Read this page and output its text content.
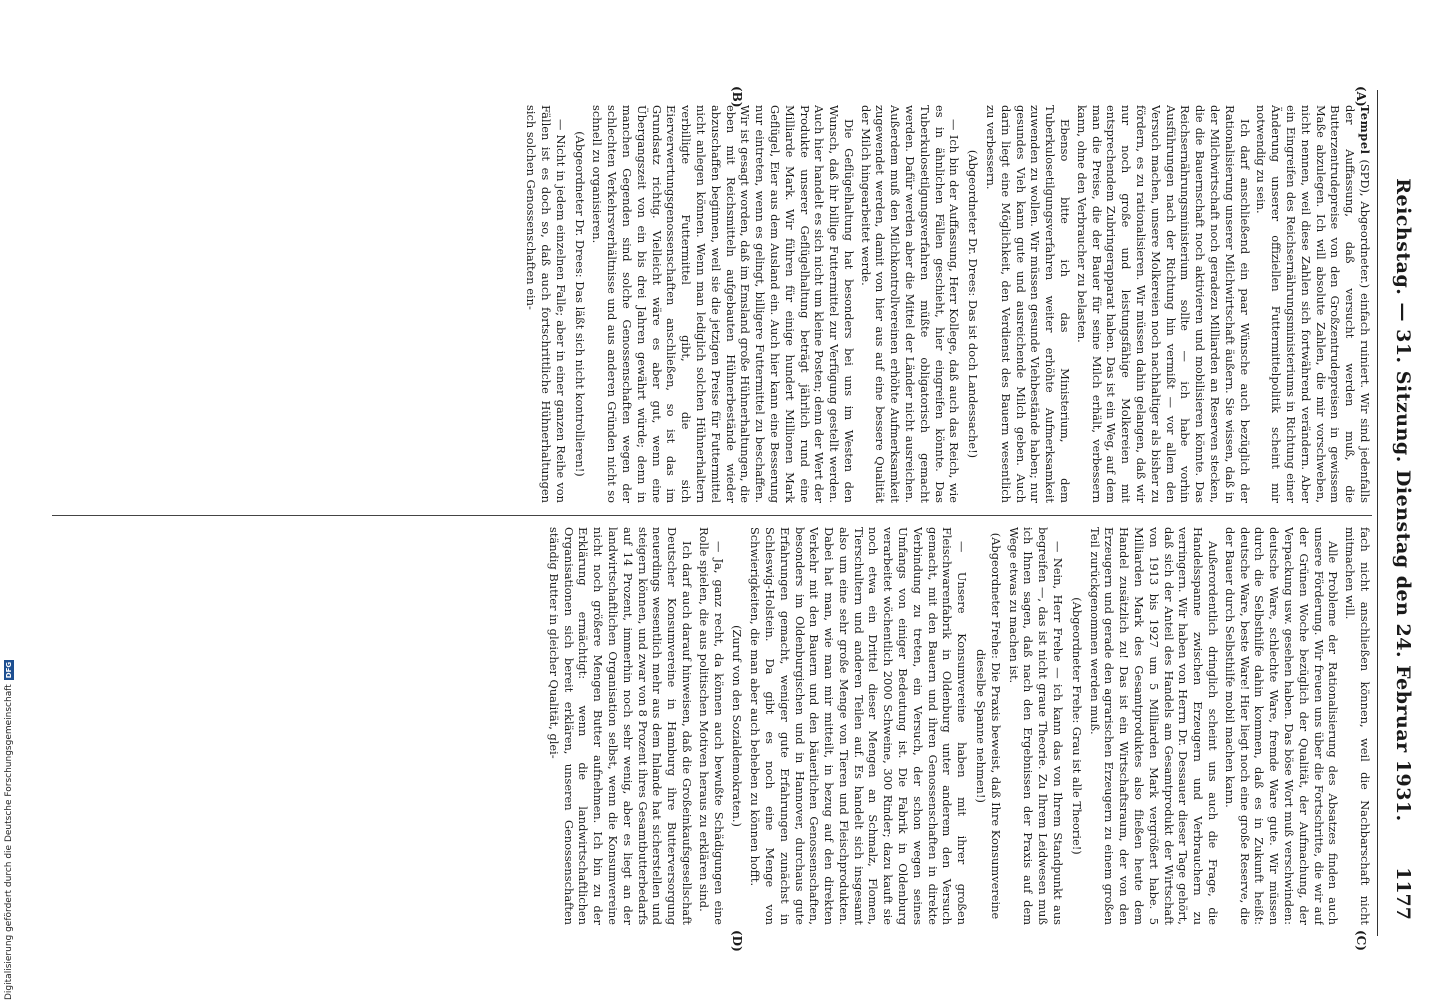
Reichstag. — 31. Sitzung. Dienstag den 24. Februar 1931.
1177
(A)
(B)
(C)
(D)

Tempel (SPD), Abgeordneter.) einfach ruiniert. Wir sind jedenfalls der Auffassung, daß versucht werden muß, die Butterzentrudepreise von den Großzentrudepreisen in gewissem Maße abzulegen. Ich will absolute Zahlen, die mir vorschweben, nicht nennen, weil diese Zahlen sich fortwährend verändern. Aber ein Eingreifen des Reichsernährungsministeriums in Richtung einer Änderung unserer offiziellen Futtermittelpolitik scheint mir notwendig zu sein.

Ich darf anschließend ein paar Wünsche auch bezüglich der Rationalisierung unserer Milchwirtschaft äußern. Sie wissen, daß in der Milchwirtschaft noch geradezu Milliarden an Reserven stecken, die die Bauernschaft noch aktivieren und mobilisieren könnte. Das Reichsernährungsministerium sollte — ich habe vorhin Ausführungen nach der Richtung hin vermißt — vor allem den Versuch machen, unsere Molkereien noch nachhaltiger als bisher zu fördern, es zu rationalisieren. Wir müssen dahin gelangen, daß wir nur noch große und leistungsfähige Molkereien mit entsprechendem Zubringerapparat haben. Das ist ein Weg, auf dem man die Preise, die der Bauer für seine Milch erhält, verbessern kann, ohne den Verbraucher zu belasten.

Ebenso bitte ich das Ministerium, dem Tuberkulosetilgungsverfahren weiter erhöhte Aufmerksamkeit zuwenden zu wollen. Wir müssen gesunde Viehbestände haben; nur gesundes Vieh kann gute und ausreichende Milch geben. Auch darin liegt eine Möglichkeit, den Verdienst des Bauern wesentlich zu verbessern.

(Abgeordneter Dr. Drees: Das ist doch Landessache!)

— Ich bin der Auffassung, Herr Kollege, daß auch das Reich, wie es in ähnlichen Fällen geschieht, hier eingreifen könnte. Das Tuberkulosetilgungsverfahren müßte obligatorisch gemacht werden. Dafür werden aber die Mittel der Länder nicht ausreichen. Außerdem muß den Milchkontrollvereinen erhöhte Aufmerksamkeit zugewendet werden, damit von hier aus auf eine bessere Qualität der Milch hingearbeitet werde.

Die Geflügelhaltung hat besonders bei uns im Westen den Wunsch, daß ihr billige Futtermittel zur Verfügung gestellt werden. Auch hier handelt es sich nicht um kleine Posten; denn der Wert der Produkte unserer Geflügelhaltung beträgt jährlich rund eine Milliarde Mark. Wir führen für einige hundert Millionen Mark Geflügel, Eier aus dem Ausland ein. Auch hier kann eine Besserung nur eintreten, wenn es gelingt, billigere Futtermittel zu beschaffen. Wir ist gesagt worden, daß im Emsland große Hühnerhaltungen, die eben mit Reichsmitteln aufgebauten Hühnerbestände wieder abzuschaffen beginnen, weil sie die jetzigen Preise für Futtermittel nicht anlegen können. Wenn man lediglich solchen Hühnerhaltern verbilligte Futtermittel gibt, die sich Eierverwertungsgenossenschaften anschließen, so ist das im Grundsatz richtig. Vielleicht wäre es aber gut, wenn eine Übergangszeit von ein bis drei Jahren gewährt würde; denn in manchen Gegenden sind solche Genossenschaften wegen der schlechten Verkehrsverhältnisse und aus anderen Gründen nicht so schnell zu organisieren.

(Abgeordneter Dr. Drees: Das läßt sich nicht kontrollieren!)

— Nicht in jedem einzelnen Falle; aber in einer ganzen Reihe von Fällen ist es doch so, daß auch fortschrittliche Hühnerhaltungen sich solchen Genossenschaften ein-

fach nicht anschließen können, weil die Nachbarschaft nicht mitmachen will.

Alle Probleme der Rationalisierung des Absatzes finden auch unsere Förderung. Wir freuen uns über die Fortschritte, die wir auf der Grünen Woche bezüglich der Qualität, der Aufmachung, der Verpackung usw. gesehen haben. Das böse Wort muß verschwinden: deutsche Ware, schlechte Ware, fremde Ware gute. Wir müssen durch die Selbsthilfe dahin kommen, daß es in Zukunft heißt: deutsche Ware, beste Ware! Hier liegt noch eine große Reserve, die der Bauer durch Selbsthilfe mobil machen kann.

Außerordentlich dringlich scheint uns auch die Frage, die Handelsspanne zwischen Erzeugern und Verbrauchern zu verringern. Wir haben von Herrn Dr. Dessauer dieser Tage gehört, daß sich der Anteil des Handels am Gesamtprodukt der Wirtschaft von 1913 bis 1927 um 5 Milliarden Mark vergrößert habe. 5 Milliarden Mark des Gesamtproduktes also fließen heute dem Handel zusätzlich zu! Das ist ein Wirtschaftsraum, der von den Erzeugern und gerade den agrarischen Erzeugern zu einem großen Teil zurückgenommen werden muß.

(Abgeordneter Frehe: Grau ist alle Theorie!)

— Nein, Herr Frehe — ich kann das von Ihrem Standpunkt aus begreifen —, das ist nicht graue Theorie. Zu Ihrem Leidwesen muß ich Ihnen sagen, daß nach den Ergebnissen der Praxis auf dem Wege etwas zu machen ist.

(Abgeordneter Frehe: Die Praxis beweist, daß Ihre Konsumvereine dieselbe Spanne nehmen!)

— Unsere Konsumvereine haben mit ihrer großen Fleischwarenfabrik in Oldenburg unter anderem den Versuch gemacht, mit den Bauern und ihren Genossenschaften in direkte Verbindung zu treten, ein Versuch, der schon wegen seines Umfangs von einiger Bedeutung ist. Die Fabrik in Oldenburg verarbeitet wöchentlich 2000 Schweine, 300 Rinder; dazu kauft sie noch etwa ein Drittel dieser Mengen an Schmalz, Flomen, Tierschultern und anderen Teilen auf. Es handelt sich insgesamt also um eine sehr große Menge von Tieren und Fleischprodukten. Dabei hat man, wie man mir mitteilt, in bezug auf den direkten Verkehr mit den Bauern und den bäuerlichen Genossenschaften, besonders im Oldenburgischen und in Hannover, durchaus gute Erfahrungen gemacht, weniger gute Erfahrungen zunächst in Schleswig-Holstein. Da gibt es noch eine Menge von Schwierigkeiten, die man aber auch beheben zu können hofft.

(Zuruf von den Sozialdemokraten.)

— Ja, ganz recht, da können auch bewußte Schädigungen eine Rolle spielen, die aus politischen Motiven heraus zu erklären sind.

Ich darf auch darauf hinweisen, daß die Großeinkaufsgesellschaft Deutscher Konsumvereine in Hamburg ihre Butterversorgung neuerdings wesentlich mehr aus dem Inlande hat sicherstellen und steigern können, und zwar von 8 Prozent ihres Gesamtbutterbedarfs auf 14 Prozent, immerhin noch sehr wenig, aber es liegt an der landwirtschaftlichen Organisation selbst, wenn die Konsumvereine nicht noch größere Mengen Butter aufnehmen. Ich bin zu der Erklärung ermächtigt: wenn die landwirtschaftlichen Organisationen sich bereit erklären, unseren Genossenschaften ständig Butter in gleicher Qualität, glei-

Digitalisierung gefördert durch die Deutsche Forschungsgemeinschaft
DFG
